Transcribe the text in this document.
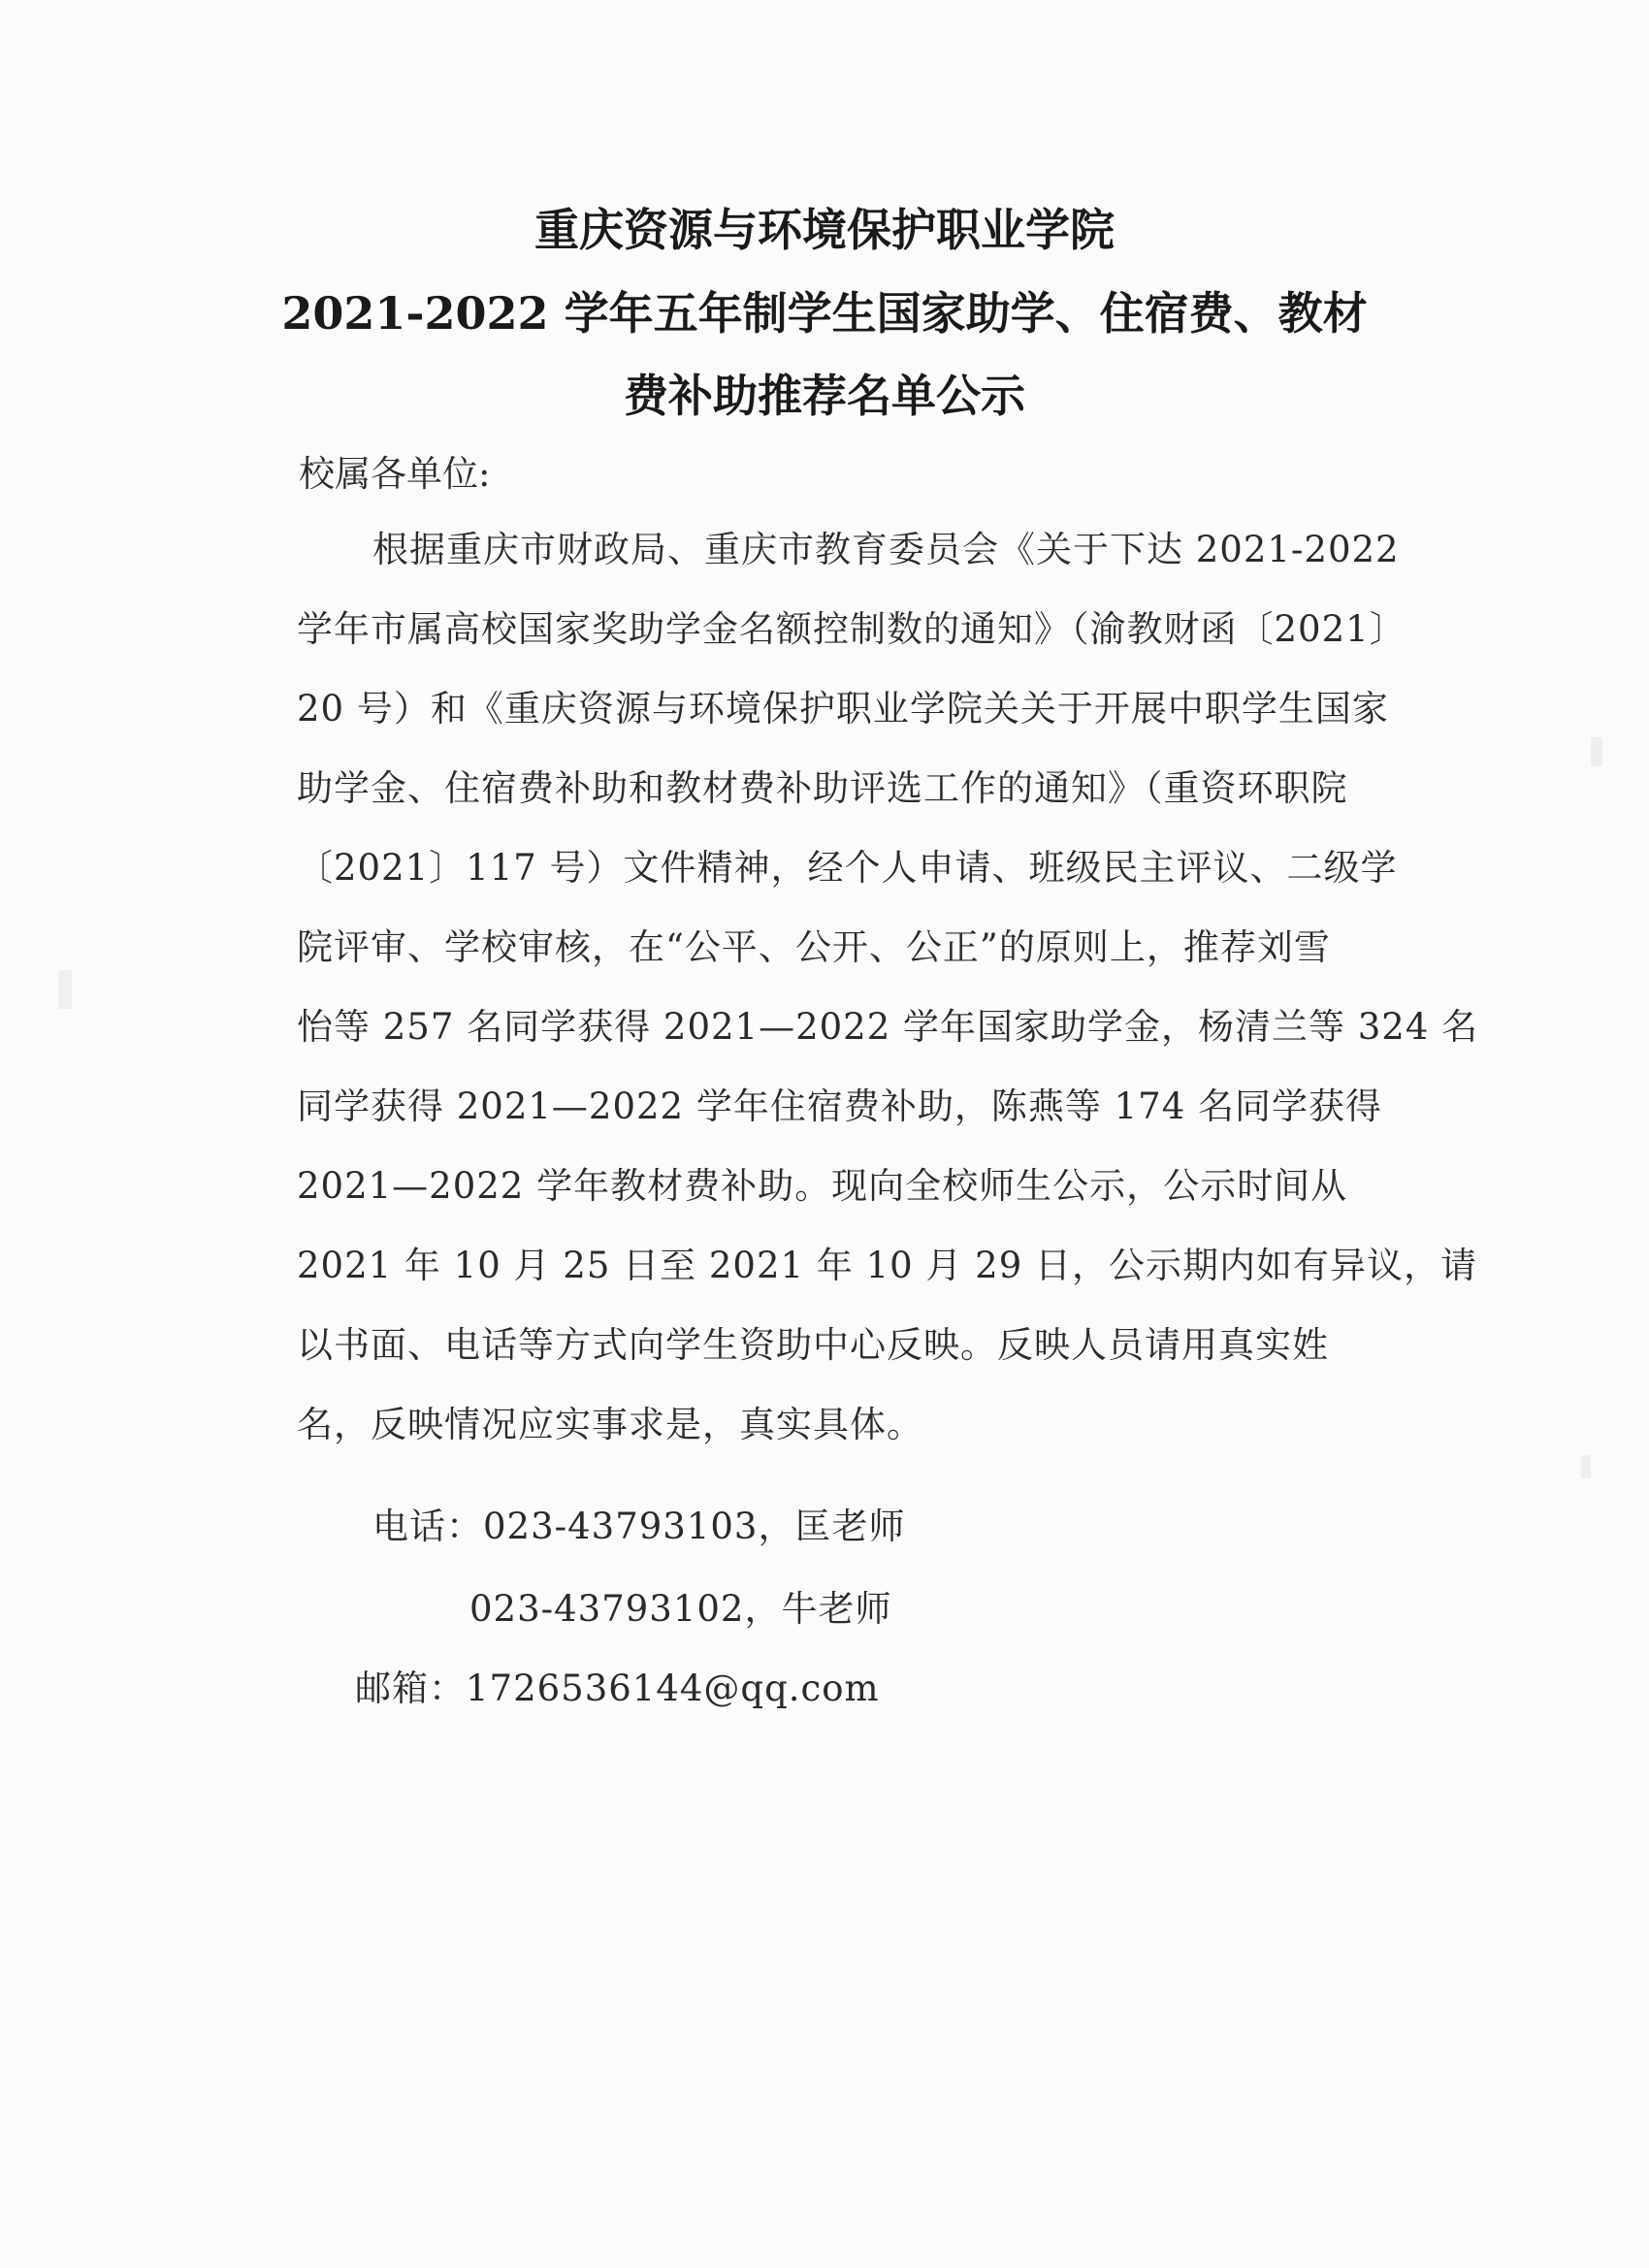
重庆资源与环境保护职业学院
2021-2022 学年五年制学生国家助学、住宿费、教材
费补助推荐名单公示
校属各单位:
根据重庆市财政局、重庆市教育委员会《关于下达 2021-2022
学年市属高校国家奖助学金名额控制数的通知》（渝教财函〔2021〕
20 号）和《重庆资源与环境保护职业学院关关于开展中职学生国家
助学金、住宿费补助和教材费补助评选工作的通知》（重资环职院
〔2021〕117 号）文件精神，经个人申请、班级民主评议、二级学
院评审、学校审核，在“公平、公开、公正”的原则上，推荐刘雪
怡等 257 名同学获得 2021—2022 学年国家助学金，杨清兰等 324 名
同学获得 2021—2022 学年住宿费补助，陈燕等 174 名同学获得
2021—2022 学年教材费补助。现向全校师生公示，公示时间从
2021 年 10 月 25 日至 2021 年 10 月 29 日，公示期内如有异议，请
以书面、电话等方式向学生资助中心反映。反映人员请用真实姓
名，反映情况应实事求是，真实具体。
电话：023-43793103，匡老师
023-43793102，牛老师
邮箱：1726536144@qq.com
